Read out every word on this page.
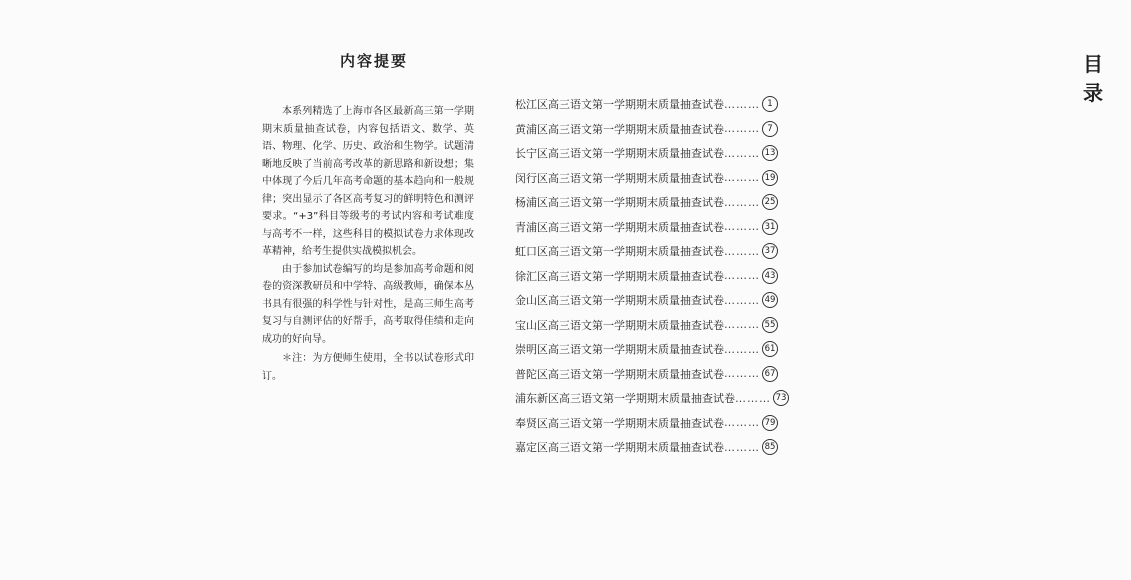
内容提要

本系列精选了上海市各区最新高三第一学期期末质量抽查试卷，内容包括语文、数学、英语、物理、化学、历史、政治和生物学。试题清晰地反映了当前高考改革的新思路和新设想；集中体现了今后几年高考命题的基本趋向和一般规律；突出显示了各区高考复习的鲜明特色和测评要求。“+3”科目等级考的考试内容和考试难度与高考不一样，这些科目的模拟试卷力求体现改革精神，给考生提供实战模拟机会。

由于参加试卷编写的均是参加高考命题和阅卷的资深教研员和中学特、高级教师，确保本丛书具有很强的科学性与针对性，是高三师生高考复习与自测评估的好帮手，高考取得佳绩和走向成功的好向导。

＊注：为方便师生使用，全书以试卷形式印订。

目录
松江区高三语文第一学期期末质量抽查试卷 ……… 1
黄浦区高三语文第一学期期末质量抽查试卷 ……… 7
长宁区高三语文第一学期期末质量抽查试卷 ……… 13
闵行区高三语文第一学期期末质量抽查试卷 ……… 19
杨浦区高三语文第一学期期末质量抽查试卷 ……… 25
青浦区高三语文第一学期期末质量抽查试卷 ……… 31
虹口区高三语文第一学期期末质量抽查试卷 ……… 37
徐汇区高三语文第一学期期末质量抽查试卷 ……… 43
金山区高三语文第一学期期末质量抽查试卷 ……… 49
宝山区高三语文第一学期期末质量抽查试卷 ……… 55
崇明区高三语文第一学期期末质量抽查试卷 ……… 61
普陀区高三语文第一学期期末质量抽查试卷 ……… 67
浦东新区高三语文第一学期期末质量抽查试卷 ……… 73
奉贤区高三语文第一学期期末质量抽查试卷 ……… 79
嘉定区高三语文第一学期期末质量抽查试卷 ……… 85
